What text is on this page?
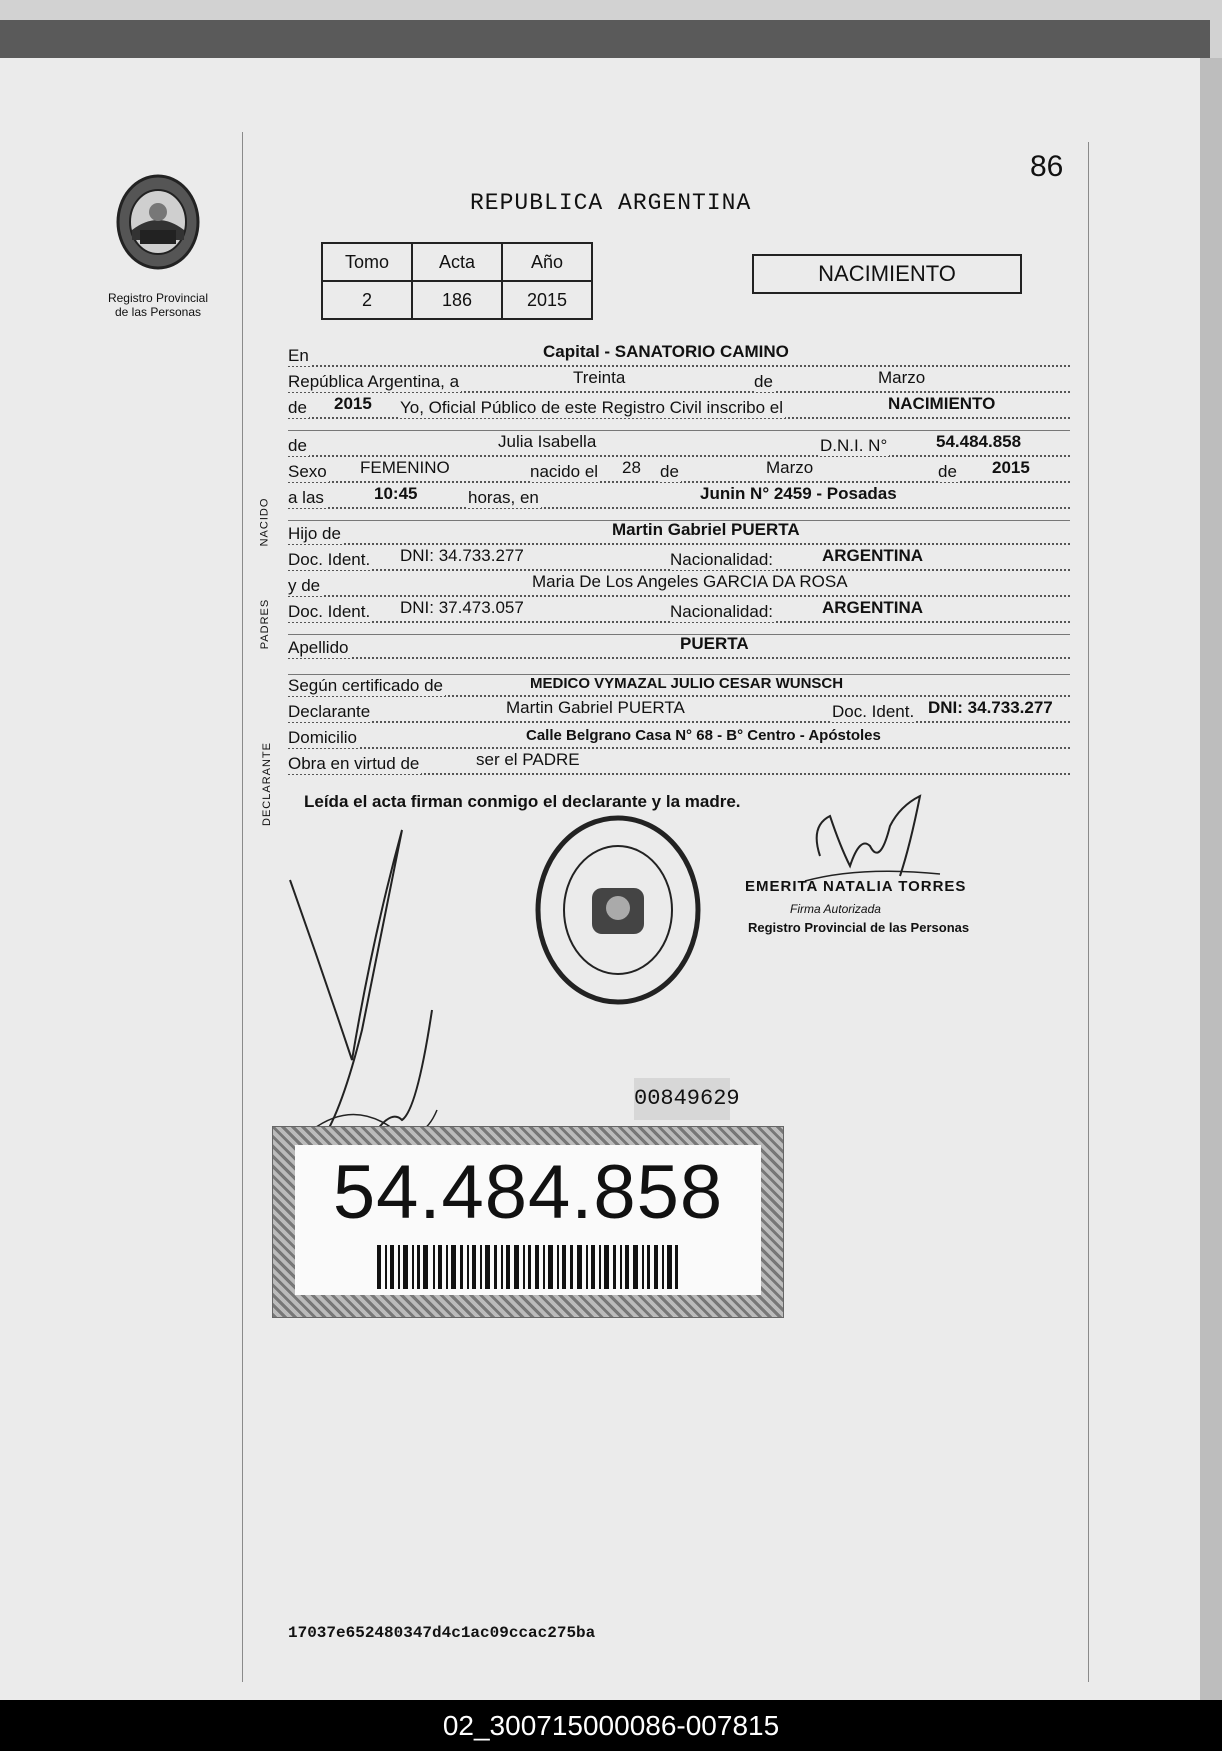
Registro Provincial
de las Personas
86
REPUBLICA ARGENTINA
Tomo	Acta	Año
2	186	2015
NACIMIENTO
NACIDO
PADRES
DECLARANTE
En	Capital - SANATORIO CAMINO
República Argentina, a	Treinta	de	Marzo
de 2015 Yo, Oficial Público de este Registro Civil inscribo el	NACIMIENTO
de	Julia Isabella	D.N.I. N°	54.484.858
Sexo FEMENINO	nacido el 28 de	Marzo	de 2015
a las	10:45	horas, en	Junin N° 2459 - Posadas
Hijo de	Martin Gabriel PUERTA
Doc. Ident. DNI: 34.733.277	Nacionalidad:	ARGENTINA
y de	Maria De Los Angeles GARCIA DA ROSA
Doc. Ident. DNI: 37.473.057	Nacionalidad:	ARGENTINA
Apellido	PUERTA
Según certificado de	MEDICO VYMAZAL JULIO CESAR WUNSCH
Declarante	Martin Gabriel PUERTA	Doc. Ident. DNI: 34.733.277
Domicilio	Calle Belgrano Casa N° 68 - B° Centro - Apóstoles
Obra en virtud de	ser el PADRE
Leída el acta firman conmigo el declarante y la madre.
EMERITA NATALIA TORRES
Firma Autorizada
Registro Provincial de las Personas
00849629
54.484.858
17037e652480347d4c1ac09ccac275ba
02_300715000086-007815
